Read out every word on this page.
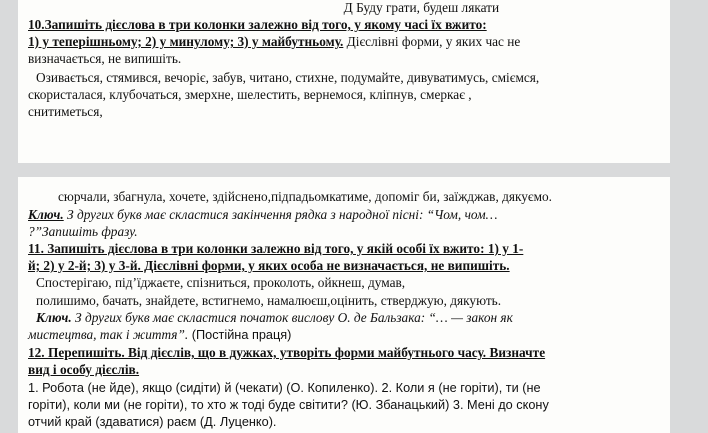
Д Буду грати, будеш лякати
10.Запишіть дієслова в три колонки залежно від того, у якому часі їх вжито:
1) у теперішньому; 2) у минулому; 3) у майбутньому. Дієслівні форми, у яких час не
визначається, не випишіть.
Озивається, стямився, вечоріє, забув, читано, стихне, подумайте, дивуватимусь, сміємся,
скористалася, клубочаться, змерхне, шелестить, вернемося, кліпнув, смеркає ,
снитиметься,
сюрчали, збагнула, хочете, здійснено,підпадьомкатиме, допоміг би, заїжджав, дякуємо.
Ключ. З других букв має скластися закінчення рядка з народної пісні: “Чом, чом…
?”Запишіть фразу.
11. Запишіть дієслова в три колонки залежно від того, у якій особі їх вжито: 1) у 1-
й; 2) у 2-й; 3) у 3-й. Дієслівні форми, у яких особа не визначається, не випишіть.
Спостерігаю, під’їджаєте, спізниться, проколоть, ойкнеш, думав,
полишимо, бачать, знайдете, встигнемо, намалюєш,оцінить, стверджую, дякують.
Ключ. З других букв має скластися початок вислову О. де Бальзака: “… — закон як
мистецтва, так і життя”. (Постійна праця)
12. Перепишіть. Від дієслів, що в дужках, утворіть форми майбутнього часу. Визначте
вид і особу дієслів.
1. Робота (не йде), якщо (сидіти) й (чекати) (О. Копиленко). 2. Коли я (не горіти), ти (не
горіти), коли ми (не горіти), то хто ж тоді буде світити? (Ю. Збанацький) 3. Мені до скону
отчий край (здаватися) раєм (Д. Луценко).
